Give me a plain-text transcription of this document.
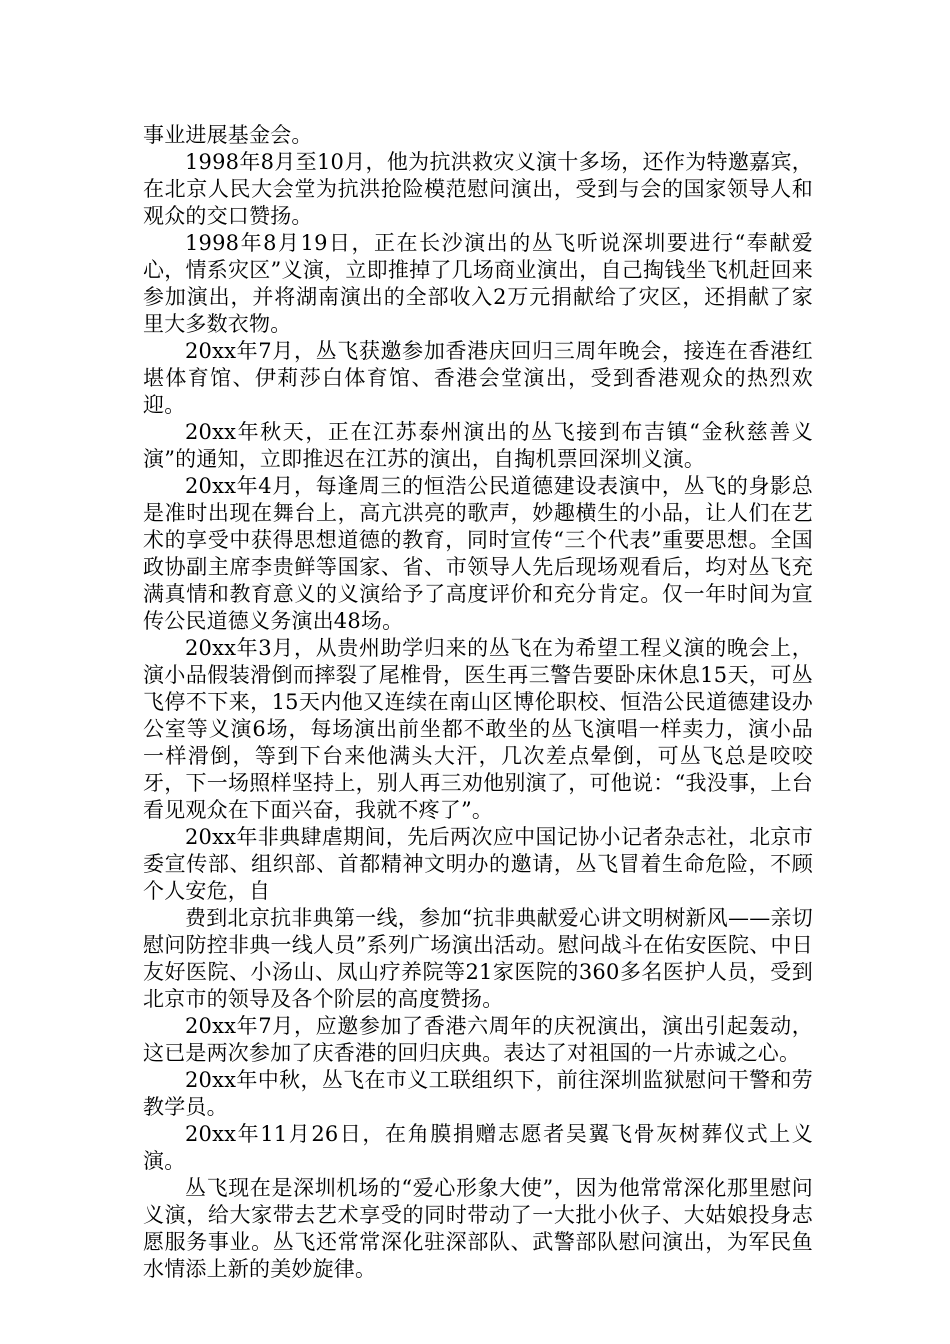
事业进展基金会。

1998年8月至10月，他为抗洪救灾义演十多场，还作为特邀嘉宾，在北京人民大会堂为抗洪抢险模范慰问演出，受到与会的国家领导人和观众的交口赞扬。

1998年8月19日，正在长沙演出的丛飞听说深圳要进行“奉献爱心，情系灾区”义演，立即推掉了几场商业演出，自己掏钱坐飞机赶回来参加演出，并将湖南演出的全部收入2万元捐献给了灾区，还捐献了家里大多数衣物。

20xx年7月，丛飞获邀参加香港庆回归三周年晚会，接连在香港红堪体育馆、伊莉莎白体育馆、香港会堂演出，受到香港观众的热烈欢迎。

20xx年秋天，正在江苏泰州演出的丛飞接到布吉镇“金秋慈善义演”的通知，立即推迟在江苏的演出，自掏机票回深圳义演。

20xx年4月，每逢周三的恒浩公民道德建设表演中，丛飞的身影总是准时出现在舞台上，高亢洪亮的歌声，妙趣横生的小品，让人们在艺术的享受中获得思想道德的教育，同时宣传“三个代表”重要思想。全国政协副主席李贵鲜等国家、省、市领导人先后现场观看后，均对丛飞充满真情和教育意义的义演给予了高度评价和充分肯定。仅一年时间为宣传公民道德义务演出48场。

20xx年3月，从贵州助学归来的丛飞在为希望工程义演的晚会上，演小品假装滑倒而摔裂了尾椎骨，医生再三警告要卧床休息15天，可丛飞停不下来，15天内他又连续在南山区博伦职校、恒浩公民道德建设办公室等义演6场，每场演出前坐都不敢坐的丛飞演唱一样卖力，演小品一样滑倒，等到下台来他满头大汗，几次差点晕倒，可丛飞总是咬咬牙，下一场照样坚持上，别人再三劝他别演了，可他说：“我没事，上台看见观众在下面兴奋，我就不疼了”。

20xx年非典肆虐期间，先后两次应中国记协小记者杂志社，北京市委宣传部、组织部、首都精神文明办的邀请，丛飞冒着生命危险，不顾个人安危，自

费到北京抗非典第一线，参加“抗非典献爱心讲文明树新风——亲切慰问防控非典一线人员”系列广场演出活动。慰问战斗在佑安医院、中日友好医院、小汤山、凤山疗养院等21家医院的360多名医护人员，受到北京市的领导及各个阶层的高度赞扬。

20xx年7月，应邀参加了香港六周年的庆祝演出，演出引起轰动，这已是两次参加了庆香港的回归庆典。表达了对祖国的一片赤诚之心。

20xx年中秋，丛飞在市义工联组织下，前往深圳监狱慰问干警和劳教学员。

20xx年11月26日，在角膜捐赠志愿者吴翼飞骨灰树葬仪式上义演。

丛飞现在是深圳机场的“爱心形象大使”，因为他常常深化那里慰问义演，给大家带去艺术享受的同时带动了一大批小伙子、大姑娘投身志愿服务事业。丛飞还常常深化驻深部队、武警部队慰问演出，为军民鱼水情添上新的美妙旋律。
